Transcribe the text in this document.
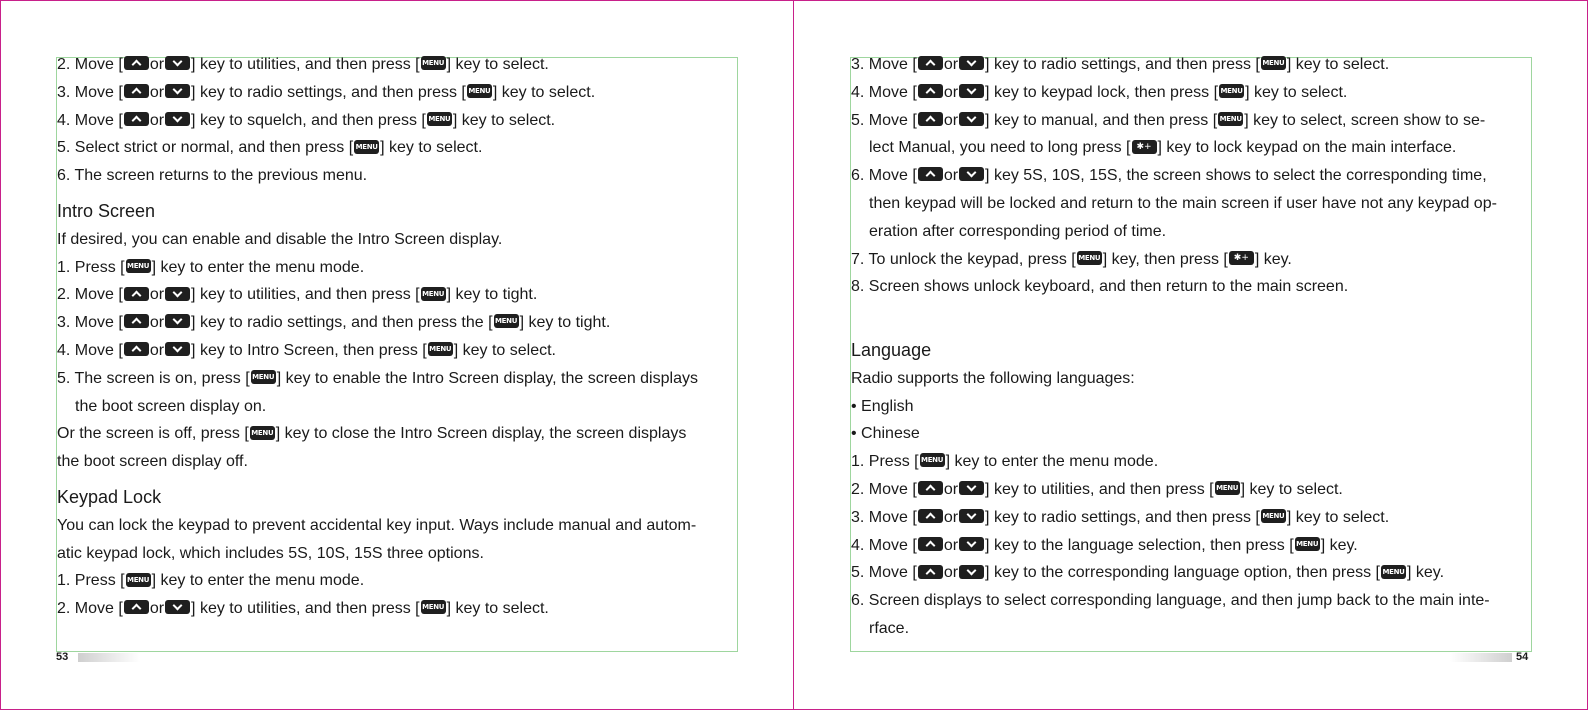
2. Move [ or ] key to utilities, and then press [ MENU ] key to select.
3. Move [ or ] key to radio settings, and then press [ MENU ] key to select.
4. Move [ or ] key to squelch, and then press [ MENU ] key to select.
5. Select strict or normal, and then press [ MENU ] key to select.
6. The screen returns to the previous menu.
Intro Screen
If desired, you can enable and disable the Intro Screen display.
1. Press [ MENU ] key to enter the menu mode.
2. Move [ or ] key to utilities, and then press [ MENU ] key to tight.
3. Move [ or ] key to radio settings, and then press the [ MENU ] key to tight.
4. Move [ or ] key to Intro Screen, then press [ MENU ] key to select.
5. The screen is on, press [ MENU ] key to enable the Intro Screen display, the screen displays
the boot screen display on.
Or the screen is off, press [ MENU ] key to close the Intro Screen display, the screen displays
the boot screen display off.
Keypad Lock
You can lock the keypad to prevent accidental key input. Ways include manual and autom-
atic keypad lock, which includes 5S, 10S, 15S three options.
1. Press [ MENU ] key to enter the menu mode.
2. Move [ or ] key to utilities, and then press [ MENU ] key to select.
53
3. Move [ or ] key to radio settings, and then press [ MENU ] key to select.
4. Move [ or ] key to keypad lock, then press [ MENU ] key to select.
5. Move [ or ] key to manual, and then press [ MENU ] key to select, screen show to se-
lect Manual, you need to long press [ ✱+ ] key to lock keypad on the main interface.
6. Move [ or ] key 5S, 10S, 15S, the screen shows to select the corresponding time,
then keypad will be locked and return to the main screen if user have not any keypad op-
eration after corresponding period of time.
7. To unlock the keypad, press [ MENU ] key, then press [ ✱+ ] key.
8. Screen shows unlock keyboard, and then return to the main screen.
Language
Radio supports the following languages:
• English
• Chinese
1. Press [ MENU ] key to enter the menu mode.
2. Move [ or ] key to utilities, and then press [ MENU ] key to select.
3. Move [ or ] key to radio settings, and then press [ MENU ] key to select.
4. Move [ or ] key to the language selection, then press [ MENU ] key.
5. Move [ or ] key to the corresponding language option, then press [ MENU ] key.
6. Screen displays to select corresponding language, and then jump back to the main inte-
rface.
54
